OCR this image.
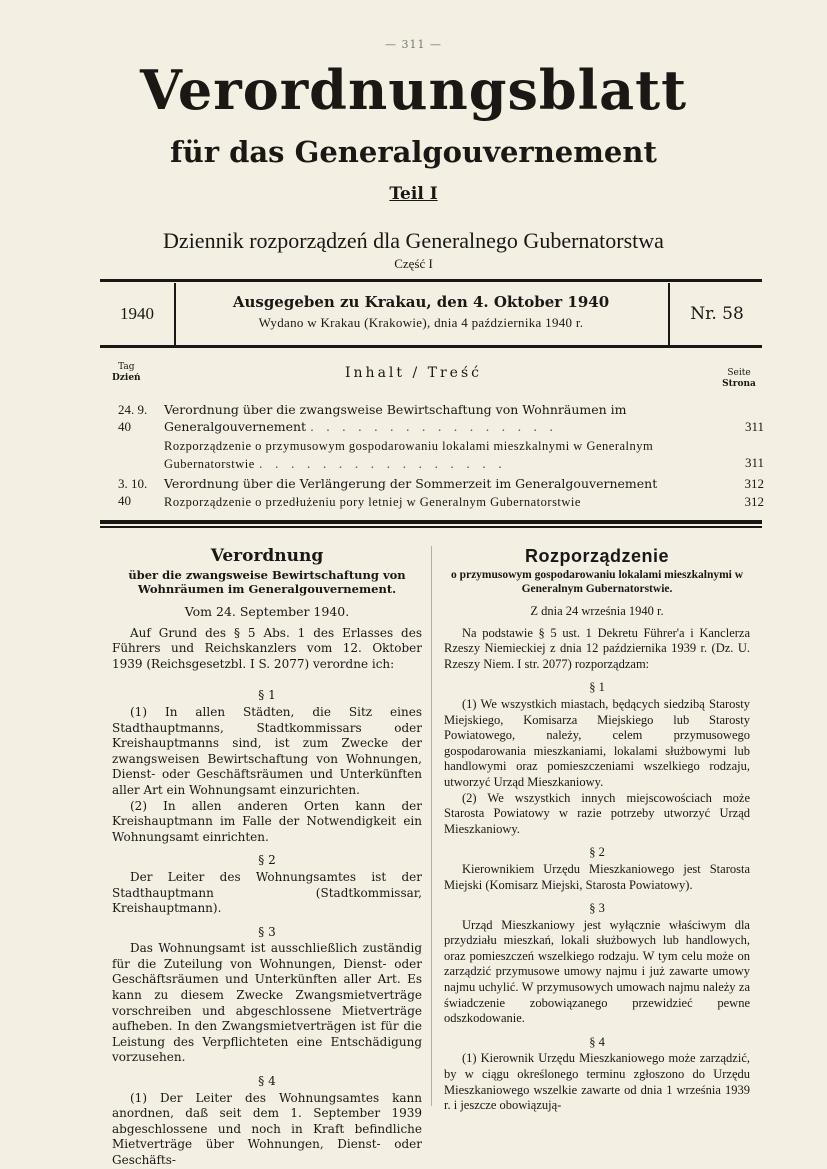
— 311 —
Verordnungsblatt
für das Generalgouvernement
Teil I
Dziennik rozporządzeń dla Generalnego Gubernatorstwa
Część I
1940
Ausgegeben zu Krakau, den 4. Oktober 1940
Wydano w Krakau (Krakowie), dnia 4 października 1940 r.	Nr. 58
Tag
Dzień	Inhalt / Treść	Seite
Strona
24. 9. 40
Verordnung über die zwangsweise Bewirtschaftung von Wohnräumen im Generalgouvernement . . . . . . . . . . . . . . . .	311
Rozporządzenie o przymusowym gospodarowaniu lokalami mieszkalnymi w Generalnym Gubernatorstwie . . . . . . . . . . . . . . . .	311
3. 10. 40
Verordnung über die Verlängerung der Sommerzeit im Generalgouvernement	312
Rozporządzenie o przedłużeniu pory letniej w Generalnym Gubernatorstwie	312
Verordnung
über die zwangsweise Bewirtschaftung von Wohnräumen im Generalgouvernement.
Vom 24. September 1940.

Auf Grund des § 5 Abs. 1 des Erlasses des Führers und Reichskanzlers vom 12. Oktober 1939 (Reichsgesetzbl. I S. 2077) verordne ich:

§ 1

(1) In allen Städten, die Sitz eines Stadthauptmanns, Stadtkommissars oder Kreishauptmanns sind, ist zum Zwecke der zwangsweisen Bewirtschaftung von Wohnungen, Dienst- oder Geschäftsräumen und Unterkünften aller Art ein Wohnungsamt einzurichten.

(2) In allen anderen Orten kann der Kreishauptmann im Falle der Notwendigkeit ein Wohnungsamt einrichten.

§ 2

Der Leiter des Wohnungsamtes ist der Stadthauptmann (Stadtkommissar, Kreishauptmann).

§ 3

Das Wohnungsamt ist ausschließlich zuständig für die Zuteilung von Wohnungen, Dienst- oder Geschäftsräumen und Unterkünften aller Art. Es kann zu diesem Zwecke Zwangsmietverträge vorschreiben und abgeschlossene Mietverträge aufheben. In den Zwangsmietverträgen ist für die Leistung des Verpflichteten eine Entschädigung vorzusehen.

§ 4

(1) Der Leiter des Wohnungsamtes kann anordnen, daß seit dem 1. September 1939 abgeschlossene und noch in Kraft befindliche Mietverträge über Wohnungen, Dienst- oder Geschäfts-

Rozporządzenie
o przymusowym gospodarowaniu lokalami mieszkalnymi w Generalnym Gubernatorstwie.
Z dnia 24 września 1940 r.

Na podstawie § 5 ust. 1 Dekretu Führer'a i Kanclerza Rzeszy Niemieckiej z dnia 12 października 1939 r. (Dz. U. Rzeszy Niem. I str. 2077) rozporządzam:

§ 1

(1) We wszystkich miastach, będących siedzibą Starosty Miejskiego, Komisarza Miejskiego lub Starosty Powiatowego, należy, celem przymusowego gospodarowania mieszkaniami, lokalami służbowymi lub handlowymi oraz pomieszczeniami wszelkiego rodzaju, utworzyć Urząd Mieszkaniowy.

(2) We wszystkich innych miejscowościach może Starosta Powiatowy w razie potrzeby utworzyć Urząd Mieszkaniowy.

§ 2

Kierownikiem Urzędu Mieszkaniowego jest Starosta Miejski (Komisarz Miejski, Starosta Powiatowy).

§ 3

Urząd Mieszkaniowy jest wyłącznie właściwym dla przydziału mieszkań, lokali służbowych lub handlowych, oraz pomieszczeń wszelkiego rodzaju. W tym celu może on zarządzić przymusowe umowy najmu i już zawarte umowy najmu uchylić. W przymusowych umowach najmu należy za świadczenie zobowiązanego przewidzieć pewne odszkodowanie.

§ 4

(1) Kierownik Urzędu Mieszkaniowego może zarządzić, by w ciągu określonego terminu zgłoszono do Urzędu Mieszkaniowego wszelkie zawarte od dnia 1 września 1939 r. i jeszcze obowiązują-
